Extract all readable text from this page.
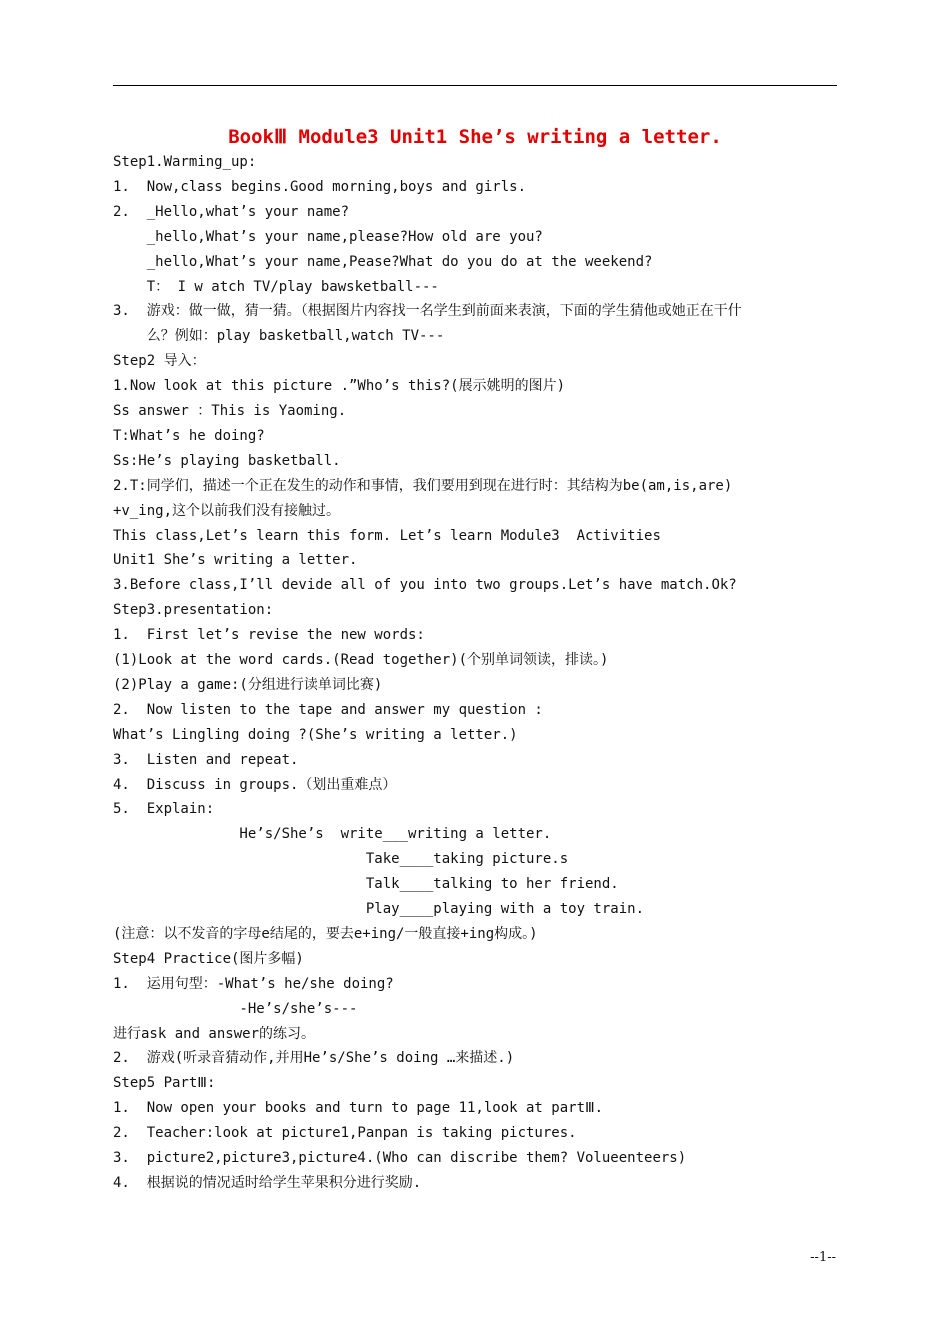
BookⅢ Module3 Unit1 She’s writing a letter.
Step1.Warming_up:
1.  Now,class begins.Good morning,boys and girls.
2.  _Hello,what’s your name?
_hello,What’s your name,please?How old are you?
_hello,What’s your name,Pease?What do you do at the weekend?
T： I w atch TV/play bawsketball---
3.  游戏：做一做，猜一猜。（根据图片内容找一名学生到前面来表演，下面的学生猜他或她正在干什
么？例如：play basketball,watch TV---
Step2 导入：
1.Now look at this picture .”Who’s this?(展示姚明的图片)
Ss answer ：This is Yaoming.
T:What’s he doing?
Ss:He’s playing basketball.
2.T:同学们，描述一个正在发生的动作和事情，我们要用到现在进行时：其结构为be(am,is,are)
+v_ing,这个以前我们没有接触过。
This class,Let’s learn this form. Let’s learn Module3  Activities
Unit1 She’s writing a letter.
3.Before class,I’ll devide all of you into two groups.Let’s have match.Ok?
Step3.presentation:
1.  First let’s revise the new words:
(1)Look at the word cards.(Read together)(个别单词领读，排读。)
(2)Play a game:(分组进行读单词比赛)
2.  Now listen to the tape and answer my question :
What’s Lingling doing ?(She’s writing a letter.)
3.  Listen and repeat.
4.  Discuss in groups.（划出重难点）
5.  Explain:
He’s/She’s  write___writing a letter.
Take____taking picture.s
Talk____talking to her friend.
Play____playing with a toy train.
(注意：以不发音的字母e结尾的，要去e+ing/一般直接+ing构成。)
Step4 Practice(图片多幅)
1.  运用句型：-What’s he/she doing?
-He’s/she’s---
进行ask and answer的练习。
2.  游戏(听录音猜动作,并用He’s/She’s doing …来描述.)
Step5 PartⅢ:
1.  Now open your books and turn to page 11,look at partⅢ.
2.  Teacher:look at picture1,Panpan is taking pictures.
3.  picture2,picture3,picture4.(Who can discribe them? Volueenteers)
4.  根据说的情况适时给学生苹果积分进行奖励.
--1--
